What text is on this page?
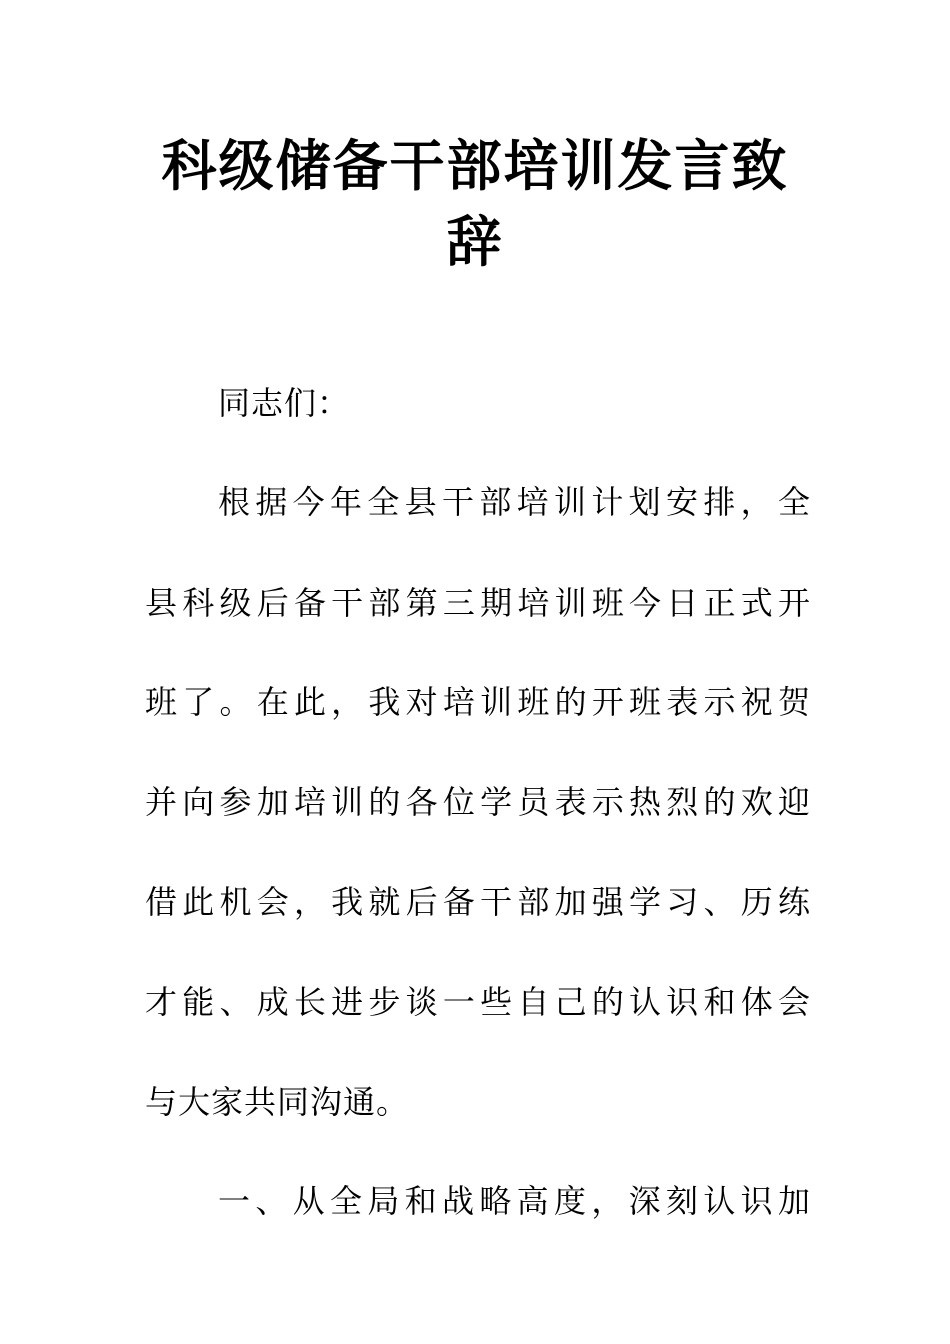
科级储备干部培训发言致辞

同志们：

根据今年全县干部培训计划安排，全

县科级后备干部第三期培训班今日正式开

班了。在此，我对培训班的开班表示祝贺

并向参加培训的各位学员表示热烈的欢迎

借此机会，我就后备干部加强学习、历练

才能、成长进步谈一些自己的认识和体会

与大家共同沟通。

一、从全局和战略高度，深刻认识加
